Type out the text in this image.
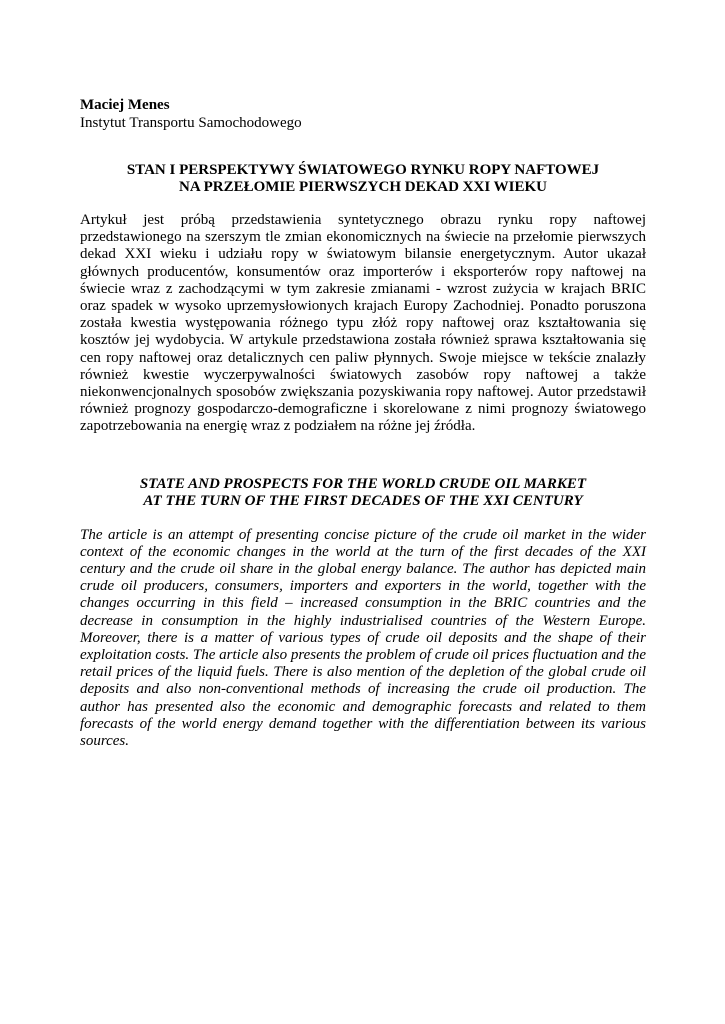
Maciej Menes
Instytut Transportu Samochodowego
STAN I PERSPEKTYWY ŚWIATOWEGO RYNKU ROPY NAFTOWEJ
NA PRZEŁOMIE PIERWSZYCH DEKAD XXI WIEKU

Artykuł jest próbą przedstawienia syntetycznego obrazu rynku ropy naftowej przedstawionego na szerszym tle zmian ekonomicznych na świecie na przełomie pierwszych dekad XXI wieku i udziału ropy w światowym bilansie energetycznym. Autor ukazał głównych producentów, konsumentów oraz importerów i eksporterów ropy naftowej na świecie wraz z zachodzącymi w tym zakresie zmianami - wzrost zużycia w krajach BRIC oraz spadek w wysoko uprzemysłowionych krajach Europy Zachodniej. Ponadto poruszona została kwestia występowania różnego typu złóż ropy naftowej oraz kształtowania się kosztów jej wydobycia. W artykule przedstawiona została również sprawa kształtowania się cen ropy naftowej oraz detalicznych cen paliw płynnych. Swoje miejsce w tekście znalazły również kwestie wyczerpywalności światowych zasobów ropy naftowej a także niekonwencjonalnych sposobów zwiększania pozyskiwania ropy naftowej. Autor przedstawił również prognozy gospodarczo-demograficzne i skorelowane z nimi prognozy światowego zapotrzebowania na energię wraz z podziałem na różne jej źródła.

STATE AND PROSPECTS FOR THE WORLD CRUDE OIL MARKET
AT THE TURN OF THE FIRST DECADES OF THE XXI CENTURY

The article is an attempt of presenting concise picture of the crude oil market in the wider context of the economic changes in the world at the turn of the first decades of the XXI century and the crude oil share in the global energy balance. The author has depicted main crude oil producers, consumers, importers and exporters in the world, together with the changes occurring in this field – increased consumption in the BRIC countries and the decrease in consumption in the highly industrialised countries of the Western Europe. Moreover, there is a matter of various types of crude oil deposits and the shape of their exploitation costs. The article also presents the problem of crude oil prices fluctuation and the retail prices of the liquid fuels. There is also mention of the depletion of the global crude oil deposits and also non-conventional methods of increasing the crude oil production. The author has presented also the economic and demographic forecasts and related to them forecasts of the world energy demand together with the differentiation between its various sources.
